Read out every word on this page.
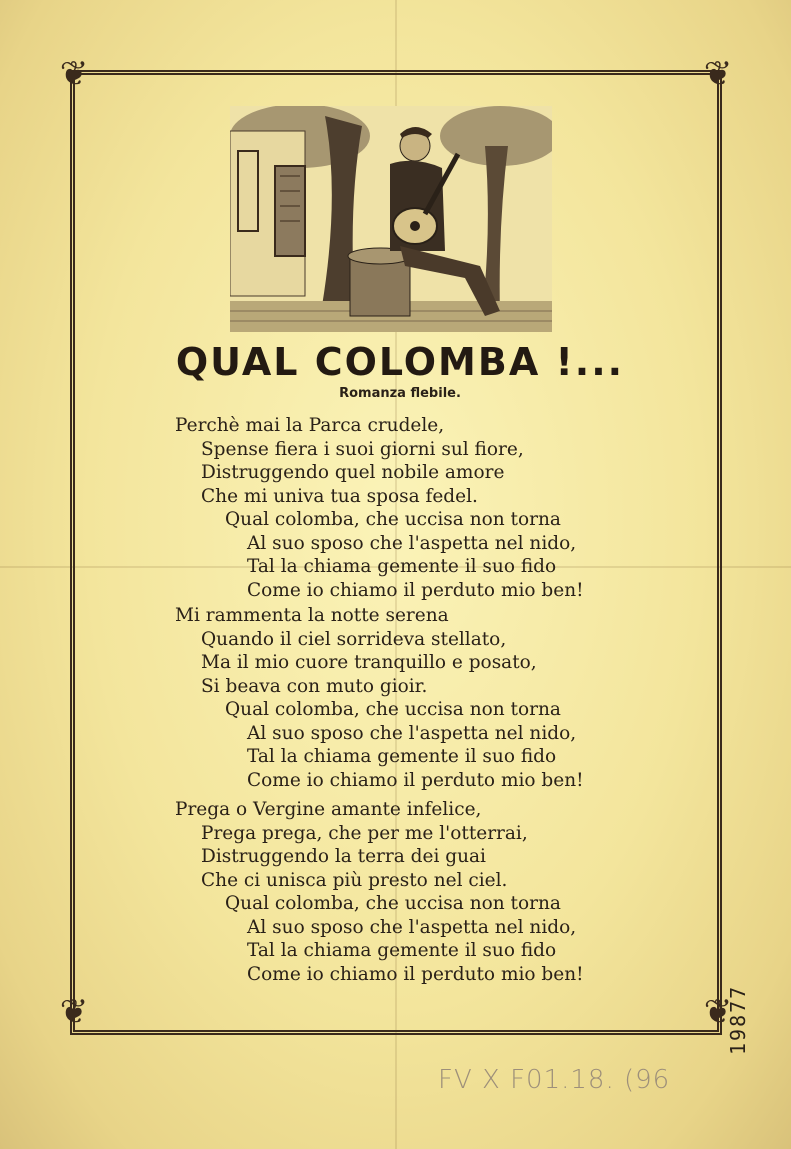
❦	❦
❦	❦
QUAL COLOMBA !...
Romanza flebile.
Perchè mai la Parca crudele,
Spense fiera i suoi giorni sul fiore,
Distruggendo quel nobile amore
Che mi univa tua sposa fedel.
Qual colomba, che uccisa non torna
Al suo sposo che l'aspetta nel nido,
Tal la chiama gemente il suo fido
Come io chiamo il perduto mio ben!
Mi rammenta la notte serena
Quando il ciel sorrideva stellato,
Ma il mio cuore tranquillo e posato,
Si beava con muto gioir.
Qual colomba, che uccisa non torna
Al suo sposo che l'aspetta nel nido,
Tal la chiama gemente il suo fido
Come io chiamo il perduto mio ben!
Prega o Vergine amante infelice,
Prega prega, che per me l'otterrai,
Distruggendo la terra dei guai
Che ci unisca più presto nel ciel.
Qual colomba, che uccisa non torna
Al suo sposo che l'aspetta nel nido,
Tal la chiama gemente il suo fido
Come io chiamo il perduto mio ben!
19877
FV X F01.18. (96
